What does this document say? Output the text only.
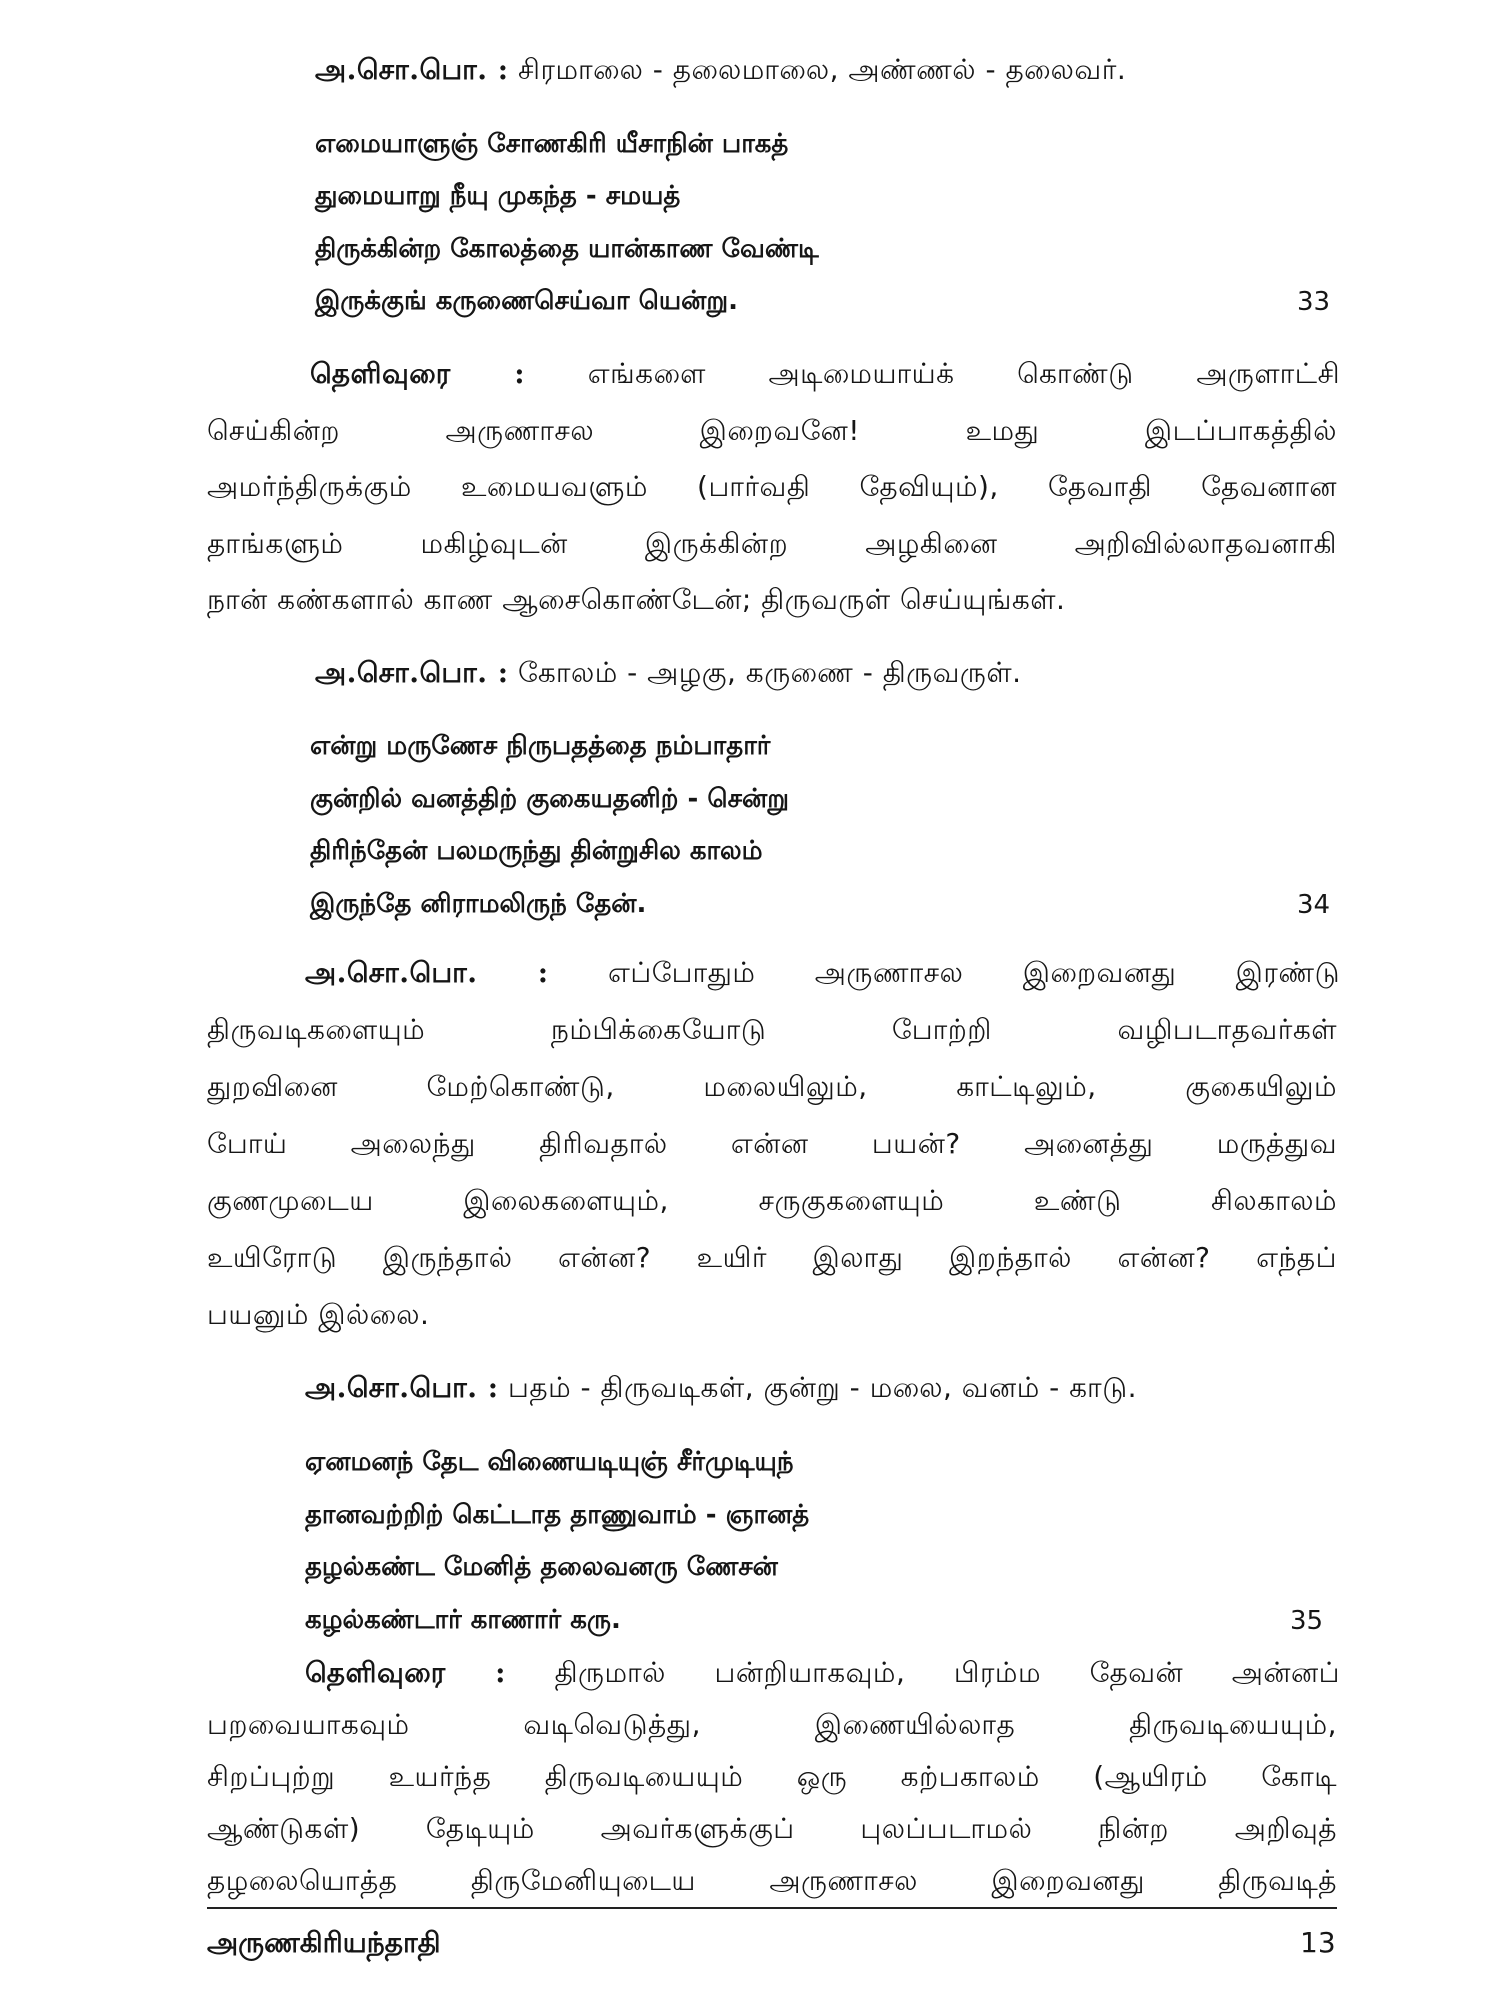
அ.சொ.பொ. : சிரமாலை - தலைமாலை, அண்ணல் - தலைவர்.
எமையாளுஞ் சோணகிரி யீசாநின் பாகத்
துமையாறு நீயு முகந்த - சமயத்
திருக்கின்ற கோலத்தை யான்காண வேண்டி
இருக்குங் கருணைசெய்வா யென்று.	33
தெளிவுரை : எங்களை அடிமையாய்க் கொண்டு அருளாட்சி
செய்கின்ற அருணாசல இறைவனே! உமது இடப்பாகத்தில்
அமர்ந்திருக்கும் உமையவளும் (பார்வதி தேவியும்), தேவாதி தேவனான
தாங்களும் மகிழ்வுடன் இருக்கின்ற அழகினை அறிவில்லாதவனாகி
நான் கண்களால் காண ஆசைகொண்டேன்; திருவருள் செய்யுங்கள்.
அ.சொ.பொ. : கோலம் - அழகு, கருணை - திருவருள்.
என்று மருணேச நிருபதத்தை நம்பாதார்
குன்றில் வனத்திற் குகையதனிற் - சென்று
திரிந்தேன் பலமருந்து தின்றுசில காலம்
இருந்தே னிராமலிருந் தேன்.	34
அ.சொ.பொ. : எப்போதும் அருணாசல இறைவனது இரண்டு
திருவடிகளையும் நம்பிக்கையோடு போற்றி வழிபடாதவர்கள்
துறவினை மேற்கொண்டு, மலையிலும், காட்டிலும், குகையிலும்
போய் அலைந்து திரிவதால் என்ன பயன்? அனைத்து மருத்துவ
குணமுடைய இலைகளையும், சருகுகளையும் உண்டு சிலகாலம்
உயிரோடு இருந்தால் என்ன? உயிர் இலாது இறந்தால் என்ன? எந்தப்
பயனும் இல்லை.
அ.சொ.பொ. : பதம் - திருவடிகள், குன்று - மலை, வனம் - காடு.
ஏனமனந் தேட விணையடியுஞ் சீர்முடியுந்
தானவற்றிற் கெட்டாத தாணுவாம் - ஞானத்
தழல்கண்ட மேனித் தலைவனரு ணேசன்
கழல்கண்டார் காணார் கரு.	35
தெளிவுரை : திருமால் பன்றியாகவும், பிரம்ம தேவன் அன்னப்
பறவையாகவும் வடிவெடுத்து, இணையில்லாத திருவடியையும்,
சிறப்புற்று உயர்ந்த திருவடியையும் ஒரு கற்பகாலம் (ஆயிரம் கோடி
ஆண்டுகள்) தேடியும் அவர்களுக்குப் புலப்படாமல் நின்ற அறிவுத்
தழலையொத்த திருமேனியுடைய அருணாசல இறைவனது திருவடித்
அருணகிரியந்தாதி	13
